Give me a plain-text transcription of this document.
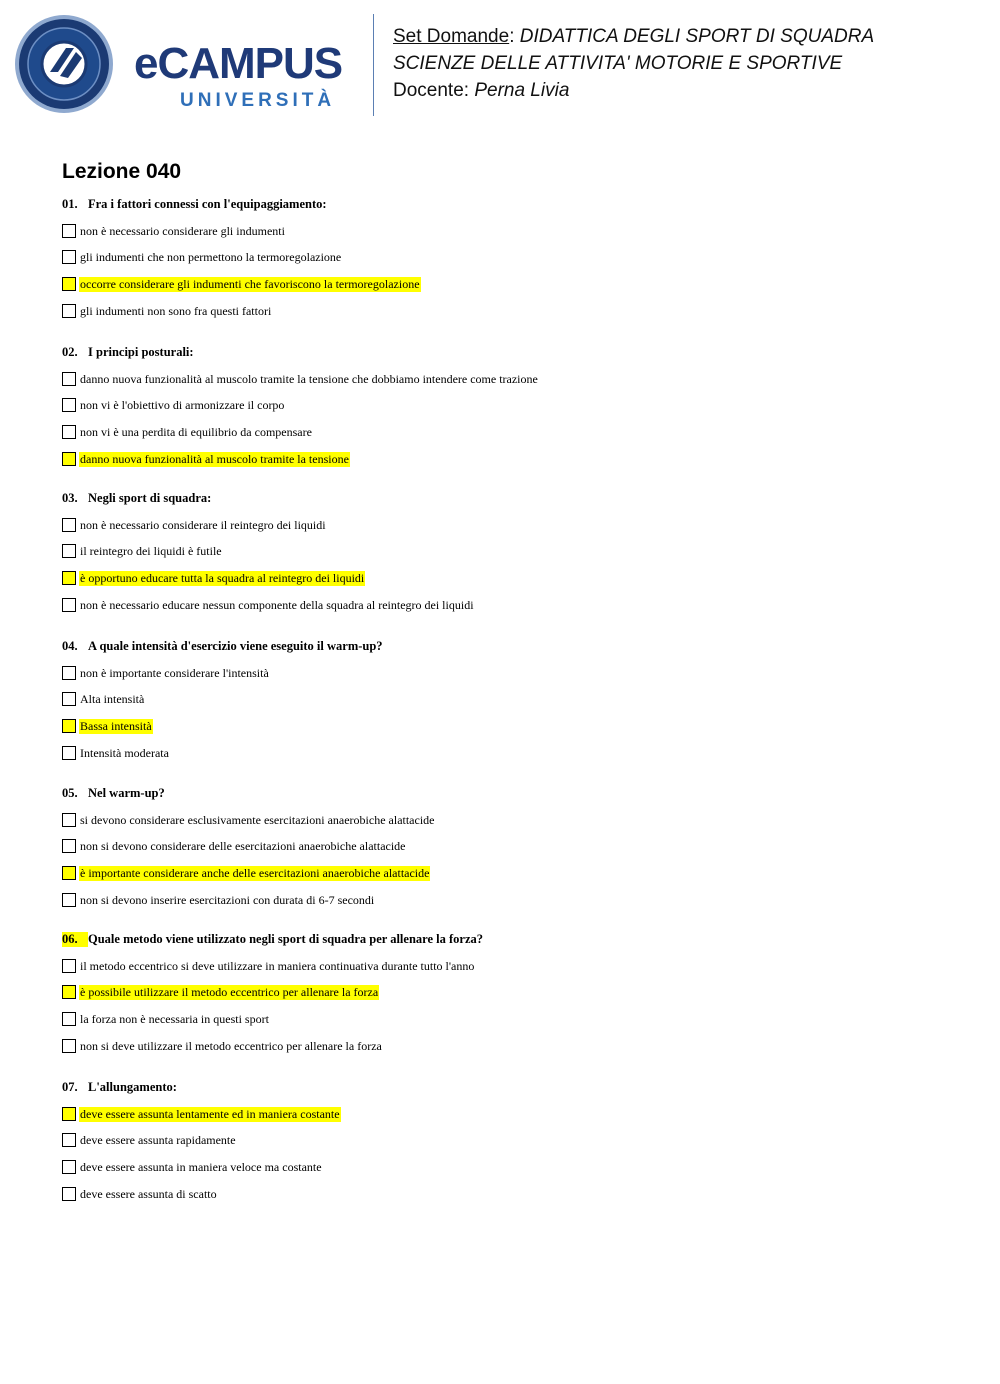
eCAMPUS
UNIVERSITÀ
Set Domande: DIDATTICA DEGLI SPORT DI SQUADRA
SCIENZE DELLE ATTIVITA' MOTORIE E SPORTIVE
Docente: Perna Livia
Lezione 040
01. Fra i fattori connessi con l'equipaggiamento:
non è necessario considerare gli indumenti
gli indumenti che non permettono la termoregolazione
occorre considerare gli indumenti che favoriscono la termoregolazione
gli indumenti non sono fra questi fattori
02. I principi posturali:
danno nuova funzionalità al muscolo tramite la tensione che dobbiamo intendere come trazione
non vi è l'obiettivo di armonizzare il corpo
non vi è una perdita di equilibrio da compensare
danno nuova funzionalità al muscolo tramite la tensione
03. Negli sport di squadra:
non è necessario considerare il reintegro dei liquidi
il reintegro dei liquidi è futile
è opportuno educare tutta la squadra al reintegro dei liquidi
non è necessario educare nessun componente della squadra al reintegro dei liquidi
04. A quale intensità d'esercizio viene eseguito il warm-up?
non è importante considerare l'intensità
Alta intensità
Bassa intensità
Intensità moderata
05. Nel warm-up?
si devono considerare esclusivamente esercitazioni anaerobiche alattacide
non si devono considerare delle esercitazioni anaerobiche alattacide
è importante considerare anche delle esercitazioni anaerobiche alattacide
non si devono inserire esercitazioni con durata di 6-7 secondi
06. Quale metodo viene utilizzato negli sport di squadra per allenare la forza?
il metodo eccentrico si deve utilizzare in maniera continuativa durante tutto l'anno
è possibile utilizzare il metodo eccentrico per allenare la forza
la forza non è necessaria in questi sport
non si deve utilizzare il metodo eccentrico per allenare la forza
07. L'allungamento:
deve essere assunta lentamente ed in maniera costante
deve essere assunta rapidamente
deve essere assunta in maniera veloce ma costante
deve essere assunta di scatto
